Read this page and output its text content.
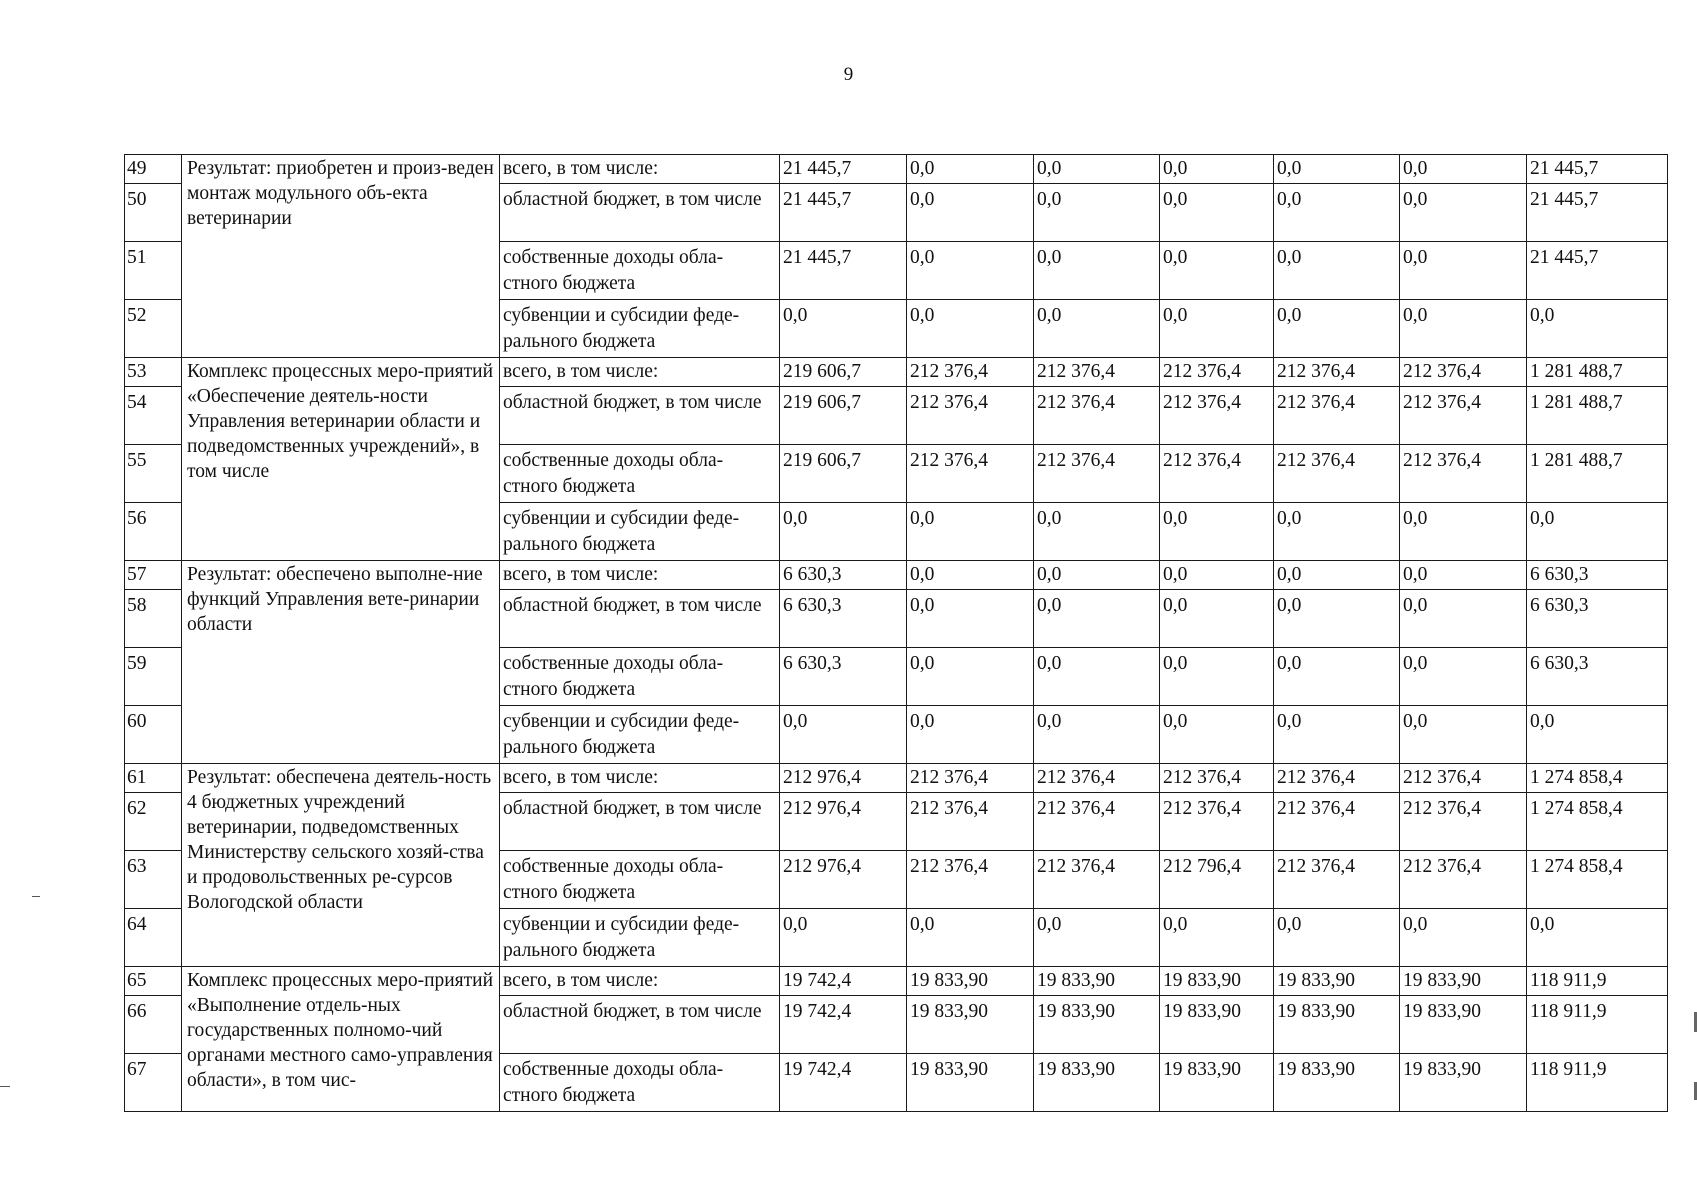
9
49	Результат: приобретен и произ-веден монтаж модульного объ-екта ветеринарии	всего, в том числе:	21 445,7	0,0	0,0	0,0	0,0	0,0	21 445,7
50		областной бюджет, в том числе	21 445,7	0,0	0,0	0,0	0,0	0,0	21 445,7
51		собственные доходы обла-стного бюджета	21 445,7	0,0	0,0	0,0	0,0	0,0	21 445,7
52		субвенции и субсидии феде-рального бюджета	0,0	0,0	0,0	0,0	0,0	0,0	0,0
53	Комплекс процессных меро-приятий «Обеспечение деятель-ности Управления ветеринарии области и подведомственных учреждений», в том числе	всего, в том числе:	219 606,7	212 376,4	212 376,4	212 376,4	212 376,4	212 376,4	1 281 488,7
54		областной бюджет, в том числе	219 606,7	212 376,4	212 376,4	212 376,4	212 376,4	212 376,4	1 281 488,7
55		собственные доходы обла-стного бюджета	219 606,7	212 376,4	212 376,4	212 376,4	212 376,4	212 376,4	1 281 488,7
56		субвенции и субсидии феде-рального бюджета	0,0	0,0	0,0	0,0	0,0	0,0	0,0
57	Результат: обеспечено выполне-ние функций Управления вете-ринарии области	всего, в том числе:	6 630,3	0,0	0,0	0,0	0,0	0,0	6 630,3
58		областной бюджет, в том числе	6 630,3	0,0	0,0	0,0	0,0	0,0	6 630,3
59		собственные доходы обла-стного бюджета	6 630,3	0,0	0,0	0,0	0,0	0,0	6 630,3
60		субвенции и субсидии феде-рального бюджета	0,0	0,0	0,0	0,0	0,0	0,0	0,0
61	Результат: обеспечена деятель-ность 4 бюджетных учреждений ветеринарии, подведомственных Министерству сельского хозяй-ства и продовольственных ре-сурсов Вологодской области	всего, в том числе:	212 976,4	212 376,4	212 376,4	212 376,4	212 376,4	212 376,4	1 274 858,4
62		областной бюджет, в том числе	212 976,4	212 376,4	212 376,4	212 376,4	212 376,4	212 376,4	1 274 858,4
63		собственные доходы обла-стного бюджета	212 976,4	212 376,4	212 376,4	212 796,4	212 376,4	212 376,4	1 274 858,4
64		субвенции и субсидии феде-рального бюджета	0,0	0,0	0,0	0,0	0,0	0,0	0,0
65	Комплекс процессных меро-приятий «Выполнение отдель-ных государственных полномо-чий органами местного само-управления области», в том чис-	всего, в том числе:	19 742,4	19 833,90	19 833,90	19 833,90	19 833,90	19 833,90	118 911,9
66		областной бюджет, в том числе	19 742,4	19 833,90	19 833,90	19 833,90	19 833,90	19 833,90	118 911,9
67		собственные доходы обла-стного бюджета	19 742,4	19 833,90	19 833,90	19 833,90	19 833,90	19 833,90	118 911,9
